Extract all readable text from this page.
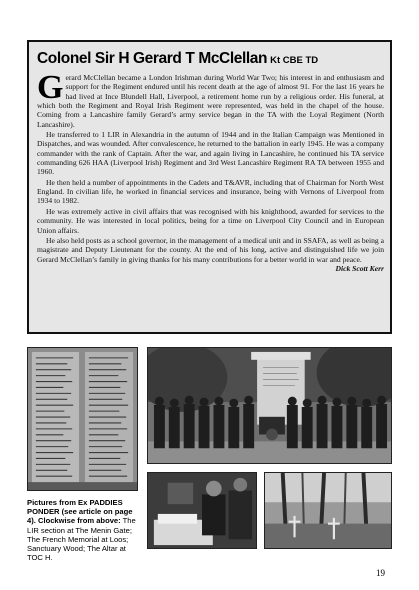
Colonel Sir H Gerard T McClellan Kt CBE TD

Gerard McClellan became a London Irishman during World War Two; his interest in and enthusiasm and support for the Regiment endured until his recent death at the age of almost 91. For the last 16 years he had lived at Ince Blundell Hall, Liverpool, a retirement home run by a religious order. His funeral, at which both the Regiment and Royal Irish Regiment were represented, was held in the chapel of the house. Coming from a Lancashire family Gerard’s army service began in the TA with the Loyal Regiment (North Lancashire).

He transferred to 1 LIR in Alexandria in the autumn of 1944 and in the Italian Campaign was Mentioned in Dispatches, and was wounded. After convalescence, he returned to the battalion in early 1945. He was a company commander with the rank of Captain. After the war, and again living in Lancashire, he continued his TA service commanding 626 HAA (Liverpool Irish) Regiment and 3rd West Lancashire Regiment RA TA between 1955 and 1960.

He then held a number of appointments in the Cadets and T&AVR, including that of Chairman for North West England. In civilian life, he worked in financial services and insurance, being with Vernons of Liverpool from 1934 to 1982.

He was extremely active in civil affairs that was recognised with his knighthood, awarded for services to the community. He was interested in local politics, being for a time on Liverpool City Council and in European Union affairs.

He also held posts as a school governor, in the management of a medical unit and in SSAFA, as well as being a magistrate and Deputy Lieutenant for the county. At the end of his long, active and distinguished life we join Gerard McClellan’s family in giving thanks for his many contributions for a better world in war and peace.
Dick Scott Kerr

Pictures from Ex PADDIES PONDER (see article on page 4). Clockwise from above: The LIR section at The Menin Gate; The French Memorial at Loos; Sanctuary Wood; The Altar at TOC H.
19
